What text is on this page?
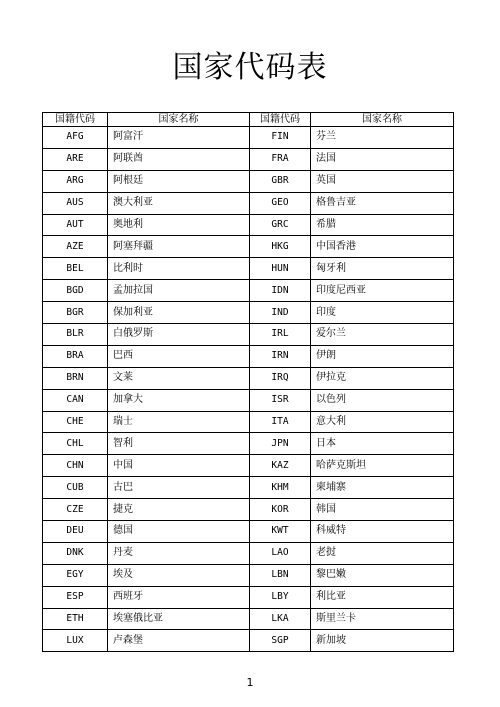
国家代码表
国籍代码	国家名称	国籍代码	国家名称
AFG	阿富汗	FIN	芬兰
ARE	阿联酋	FRA	法国
ARG	阿根廷	GBR	英国
AUS	澳大利亚	GEO	格鲁吉亚
AUT	奥地利	GRC	希腊
AZE	阿塞拜疆	HKG	中国香港
BEL	比利时	HUN	匈牙利
BGD	孟加拉国	IDN	印度尼西亚
BGR	保加利亚	IND	印度
BLR	白俄罗斯	IRL	爱尔兰
BRA	巴西	IRN	伊朗
BRN	文莱	IRQ	伊拉克
CAN	加拿大	ISR	以色列
CHE	瑞士	ITA	意大利
CHL	智利	JPN	日本
CHN	中国	KAZ	哈萨克斯坦
CUB	古巴	KHM	柬埔寨
CZE	捷克	KOR	韩国
DEU	德国	KWT	科威特
DNK	丹麦	LAO	老挝
EGY	埃及	LBN	黎巴嫩
ESP	西班牙	LBY	利比亚
ETH	埃塞俄比亚	LKA	斯里兰卡
LUX	卢森堡	SGP	新加坡
1
